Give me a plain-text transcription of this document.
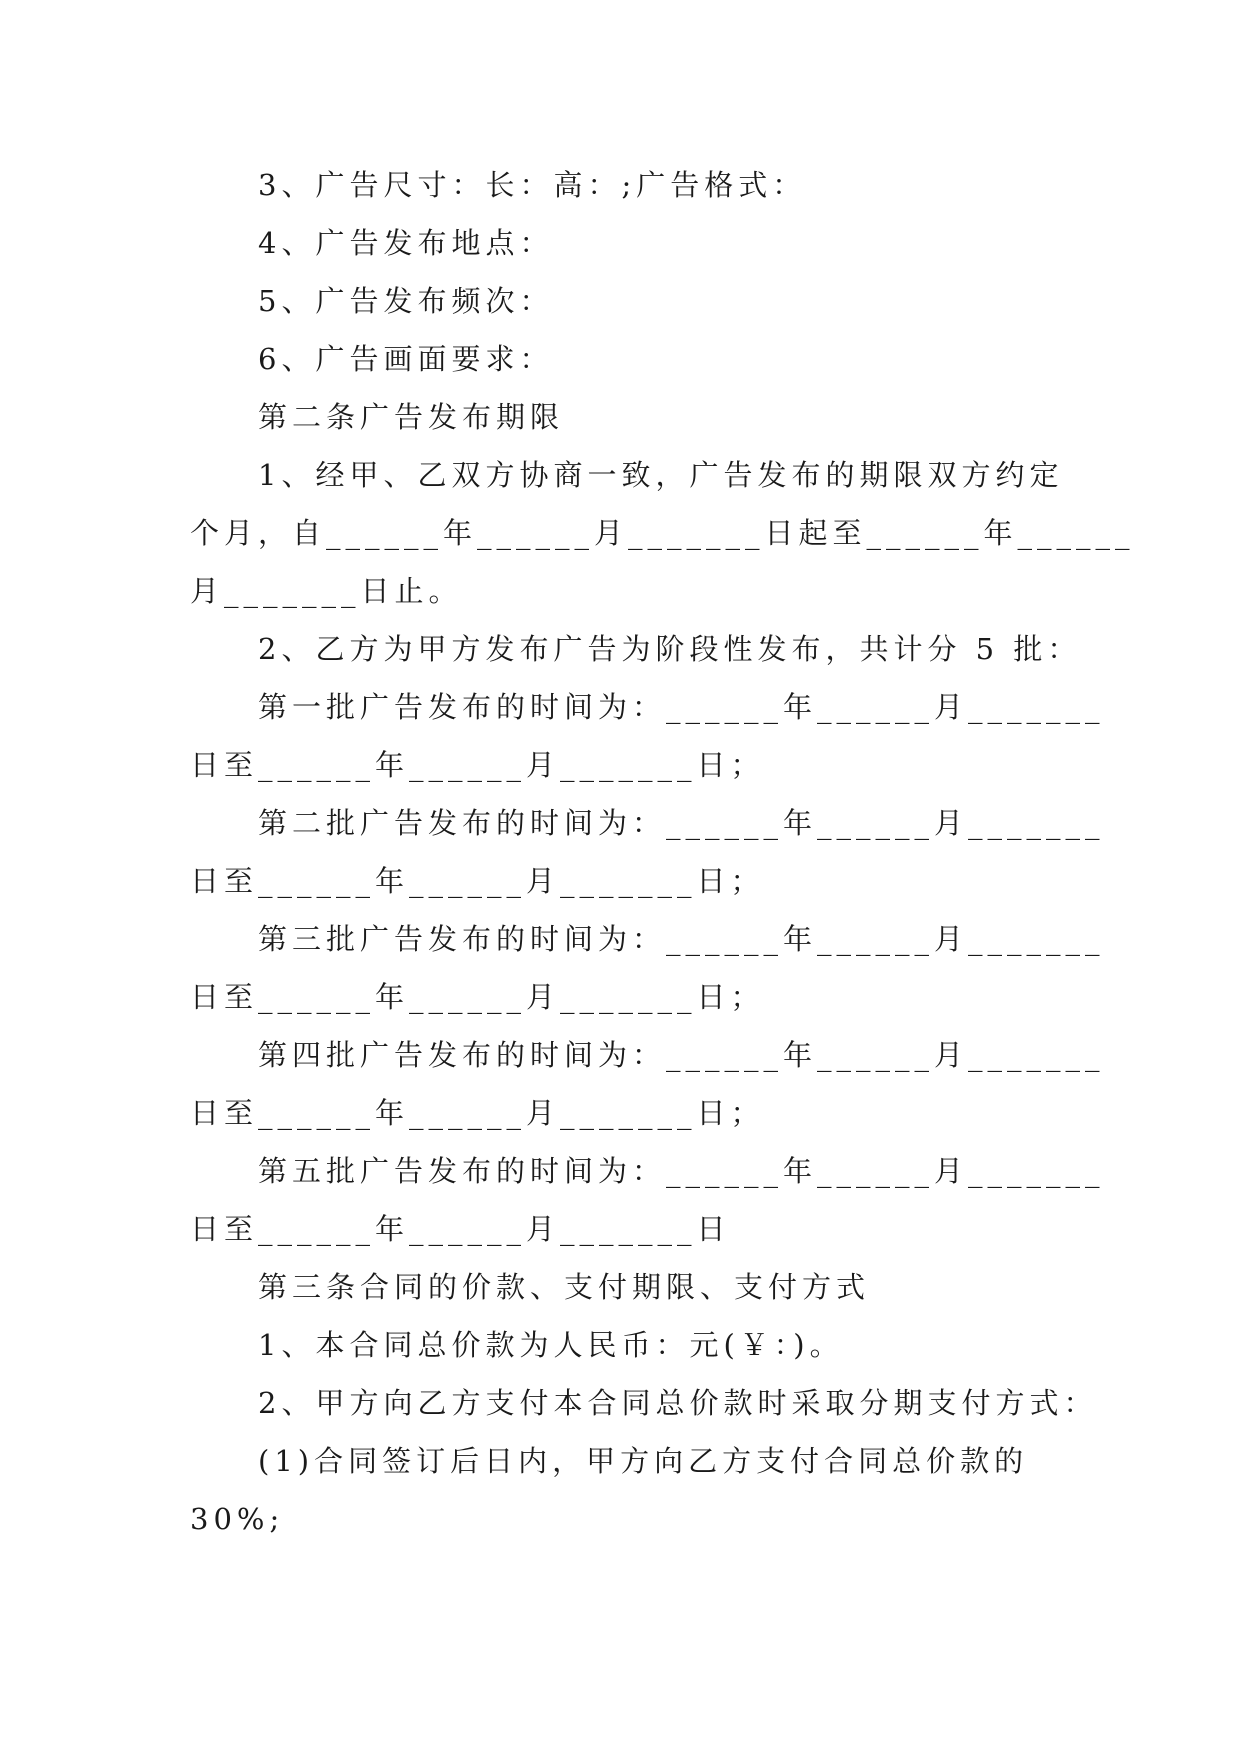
3、广告尺寸：长：高：;广告格式：
4、广告发布地点：
5、广告发布频次：
6、广告画面要求：
第二条广告发布期限
1、经甲、乙双方协商一致，广告发布的期限双方约定
个月，自______年______月_______日起至______年______
月_______日止。
2、乙方为甲方发布广告为阶段性发布，共计分 5 批：
第一批广告发布的时间为：______年______月_______
日至______年______月_______日；
第二批广告发布的时间为：______年______月_______
日至______年______月_______日；
第三批广告发布的时间为：______年______月_______
日至______年______月_______日；
第四批广告发布的时间为：______年______月_______
日至______年______月_______日；
第五批广告发布的时间为：______年______月_______
日至______年______月_______日
第三条合同的价款、支付期限、支付方式
1、本合同总价款为人民币：元(￥：)。
2、甲方向乙方支付本合同总价款时采取分期支付方式：
(1)合同签订后日内，甲方向乙方支付合同总价款的
30%;
